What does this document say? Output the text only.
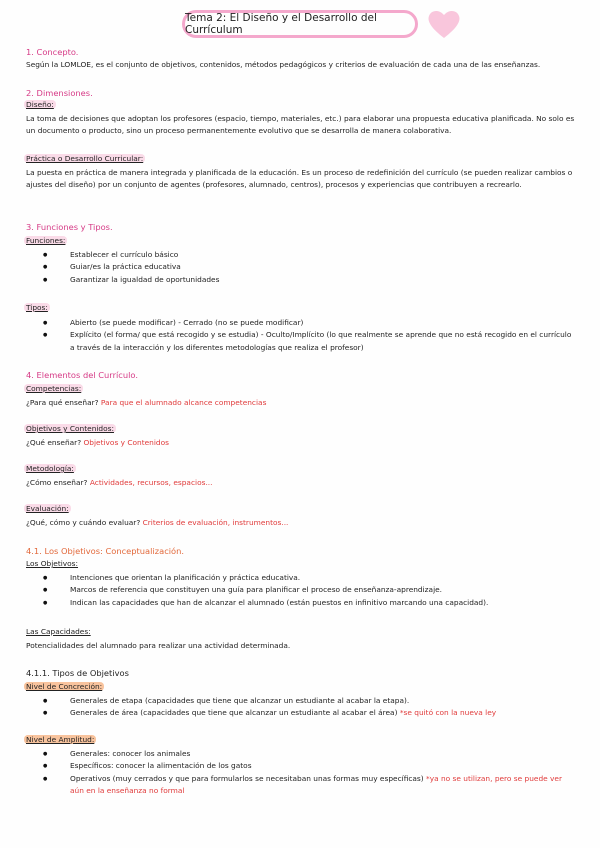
Tema 2: El Diseño y el Desarrollo del Currículum
1. Concepto.
Según la LOMLOE, es el conjunto de objetivos, contenidos, métodos pedagógicos y criterios de evaluación de cada una de las enseñanzas.
2. Dimensiones.
Diseño:
La toma de decisiones que adoptan los profesores (espacio, tiempo, materiales, etc.) para elaborar una propuesta educativa planificada. No solo es un documento o producto, sino un proceso permanentemente evolutivo que se desarrolla de manera colaborativa.
Práctica o Desarrollo Curricular:
La puesta en práctica de manera integrada y planificada de la educación. Es un proceso de redefinición del currículo (se pueden realizar cambios o ajustes del diseño) por un conjunto de agentes (profesores, alumnado, centros), procesos y experiencias que contribuyen a recrearlo.
3. Funciones y Tipos.
Funciones:
● Establecer el currículo básico
● Guiar/es la práctica educativa
● Garantizar la igualdad de oportunidades
Tipos:
● Abierto (se puede modificar) - Cerrado (no se puede modificar)
● Explícito (el forma/ que está recogido y se estudia) - Oculto/Implícito (lo que realmente se aprende que no está recogido en el currículo a través de la interacción y los diferentes metodologías que realiza el profesor)
4. Elementos del Currículo.
Competencias:
¿Para qué enseñar? Para que el alumnado alcance competencias
Objetivos y Contenidos:
¿Qué enseñar? Objetivos y Contenidos
Metodología:
¿Cómo enseñar? Actividades, recursos, espacios...
Evaluación:
¿Qué, cómo y cuándo evaluar? Criterios de evaluación, instrumentos...
4.1. Los Objetivos: Conceptualización.
Los Objetivos:
● Intenciones que orientan la planificación y práctica educativa.
● Marcos de referencia que constituyen una guía para planificar el proceso de enseñanza-aprendizaje.
● Indican las capacidades que han de alcanzar el alumnado (están puestos en infinitivo marcando una capacidad).
Las Capacidades:
Potencialidades del alumnado para realizar una actividad determinada.
4.1.1. Tipos de Objetivos
Nivel de Concreción:
● Generales de etapa (capacidades que tiene que alcanzar un estudiante al acabar la etapa).
● Generales de área (capacidades que tiene que alcanzar un estudiante al acabar el área) *se quitó con la nueva ley
Nivel de Amplitud:
● Generales: conocer los animales
● Específicos: conocer la alimentación de los gatos
● Operativos (muy cerrados y que para formularlos se necesitaban unas formas muy específicas) *ya no se utilizan, pero se puede ver aún en la enseñanza no formal
